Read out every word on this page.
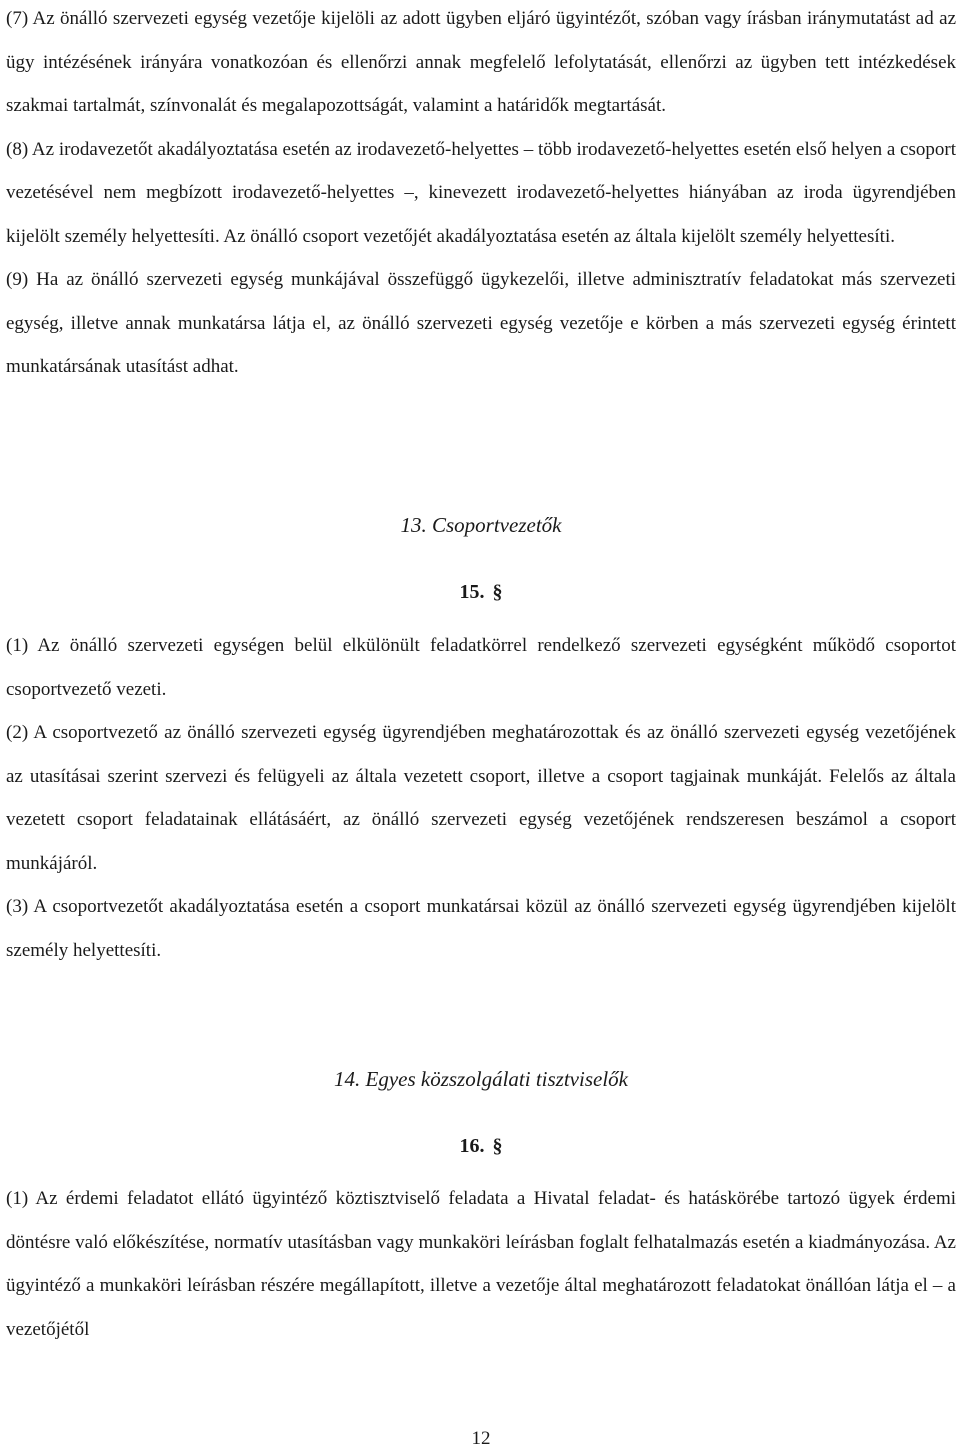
(7) Az önálló szervezeti egység vezetője kijelöli az adott ügyben eljáró ügyintézőt, szóban vagy írásban iránymutatást ad az ügy intézésének irányára vonatkozóan és ellenőrzi annak megfelelő lefolytatását, ellenőrzi az ügyben tett intézkedések szakmai tartalmát, színvonalát és megalapozottságát, valamint a határidők megtartását.

(8) Az irodavezetőt akadályoztatása esetén az irodavezető-helyettes – több irodavezető-helyettes esetén első helyen a csoport vezetésével nem megbízott irodavezető-helyettes –, kinevezett irodavezető-helyettes hiányában az iroda ügyrendjében kijelölt személy helyettesíti. Az önálló csoport vezetőjét akadályoztatása esetén az általa kijelölt személy helyettesíti.

(9) Ha az önálló szervezeti egység munkájával összefüggő ügykezelői, illetve adminisztratív feladatokat más szervezeti egység, illetve annak munkatársa látja el, az önálló szervezeti egység vezetője e körben a más szervezeti egység érintett munkatársának utasítást adhat.

13. Csoportvezetők

15. §

(1) Az önálló szervezeti egységen belül elkülönült feladatkörrel rendelkező szervezeti egységként működő csoportot csoportvezető vezeti.

(2) A csoportvezető az önálló szervezeti egység ügyrendjében meghatározottak és az önálló szervezeti egység vezetőjének az utasításai szerint szervezi és felügyeli az általa vezetett csoport, illetve a csoport tagjainak munkáját. Felelős az általa vezetett csoport feladatainak ellátásáért, az önálló szervezeti egység vezetőjének rendszeresen beszámol a csoport munkájáról.

(3) A csoportvezetőt akadályoztatása esetén a csoport munkatársai közül az önálló szervezeti egység ügyrendjében kijelölt személy helyettesíti.

14. Egyes közszolgálati tisztviselők

16. §

(1) Az érdemi feladatot ellátó ügyintéző köztisztviselő feladata a Hivatal feladat- és hatáskörébe tartozó ügyek érdemi döntésre való előkészítése, normatív utasításban vagy munkaköri leírásban foglalt felhatalmazás esetén a kiadmányozása. Az ügyintéző a munkaköri leírásban részére megállapított, illetve a vezetője által meghatározott feladatokat önállóan látja el – a vezetőjétől

12
